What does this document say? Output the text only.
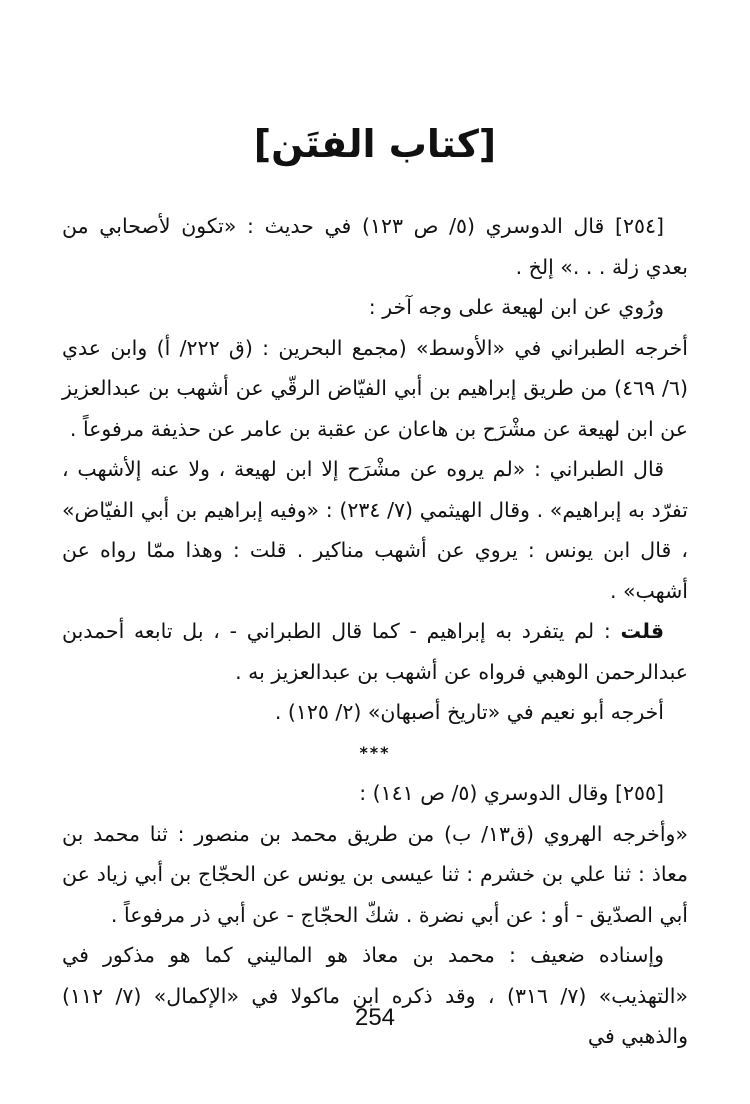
[كتاب الفتَن]

[٢٥٤] قال الدوسري (٥/ ص ١٢٣) في حديث : «تكون لأصحابي من بعدي زلة . . .» إلخ .

ورُوي عن ابن لهيعة على وجه آخر :

أخرجه الطبراني في «الأوسط» (مجمع البحرين : (ق ٢٢٢/ أ) وابن عدي (٦/ ٤٦٩) من طريق إبراهيم بن أبي الفيّاض الرقّي عن أشهب بن عبدالعزيز عن ابن لهيعة عن مشْرَح بن هاعان عن عقبة بن عامر عن حذيفة مرفوعاً .

قال الطبراني : «لم يروه عن مشْرَح إلا ابن لهيعة ، ولا عنه إلأشهب ، تفرّد به إبراهيم» . وقال الهيثمي (٧/ ٢٣٤) : «وفيه إبراهيم بن أبي الفيّاض» ، قال ابن يونس : يروي عن أشهب مناكير . قلت : وهذا ممّا رواه عن أشهب» .

قلت : لم يتفرد به إبراهيم - كما قال الطبراني - ، بل تابعه أحمدبن عبدالرحمن الوهبي فرواه عن أشهب بن عبدالعزيز به .

أخرجه أبو نعيم في «تاريخ أصبهان» (٢/ ١٢٥) .

***

[٢٥٥] وقال الدوسري (٥/ ص ١٤١) :

«وأخرجه الهروي (ق١٣/ ب) من طريق محمد بن منصور : ثنا محمد بن معاذ : ثنا علي بن خشرم : ثنا عيسى بن يونس عن الحجّاج بن أبي زياد عن أبي الصدّيق - أو : عن أبي نضرة . شكّ الحجّاج - عن أبي ذر مرفوعاً .

وإسناده ضعيف : محمد بن معاذ هو الماليني كما هو مذكور في «التهذيب» (٧/ ٣١٦) ، وقد ذكره ابن ماكولا في «الإكمال» (٧/ ١١٢) والذهبي في

254
